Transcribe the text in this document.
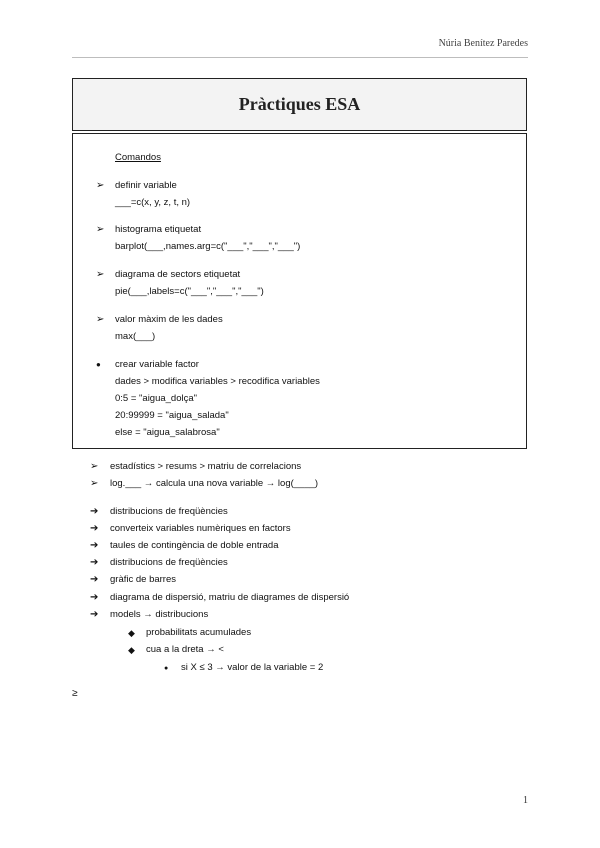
Núria Benítez Paredes
Pràctiques ESA
Comandos
➢ definir variable
___=c(x, y, z, t, n)
➢ histograma etiquetat
barplot(___,names.arg=c("___","___","___")
➢ diagrama de sectors etiquetat
pie(___,labels=c("___","___","___")
➢ valor màxim de les dades
max(___)
● crear variable factor
dades > modifica variables > recodifica variables
0:5 = "aigua_dolça"
20:99999 = "aigua_salada"
else = "aigua_salabrosa"
➢ estadístics > resums > matriu de correlacions
➢ log.___ → calcula una nova variable → log(____)
➔ distribucions de freqüències
➔ converteix variables numèriques en factors
➔ taules de contingència de doble entrada
➔ distribucions de freqüències
➔ gràfic de barres
➔ diagrama de dispersió, matriu de diagrames de dispersió
➔ models → distribucions
◆ probabilitats acumulades
◆ cua a la dreta → <
● si X ≤ 3 → valor de la variable = 2
≥
1
